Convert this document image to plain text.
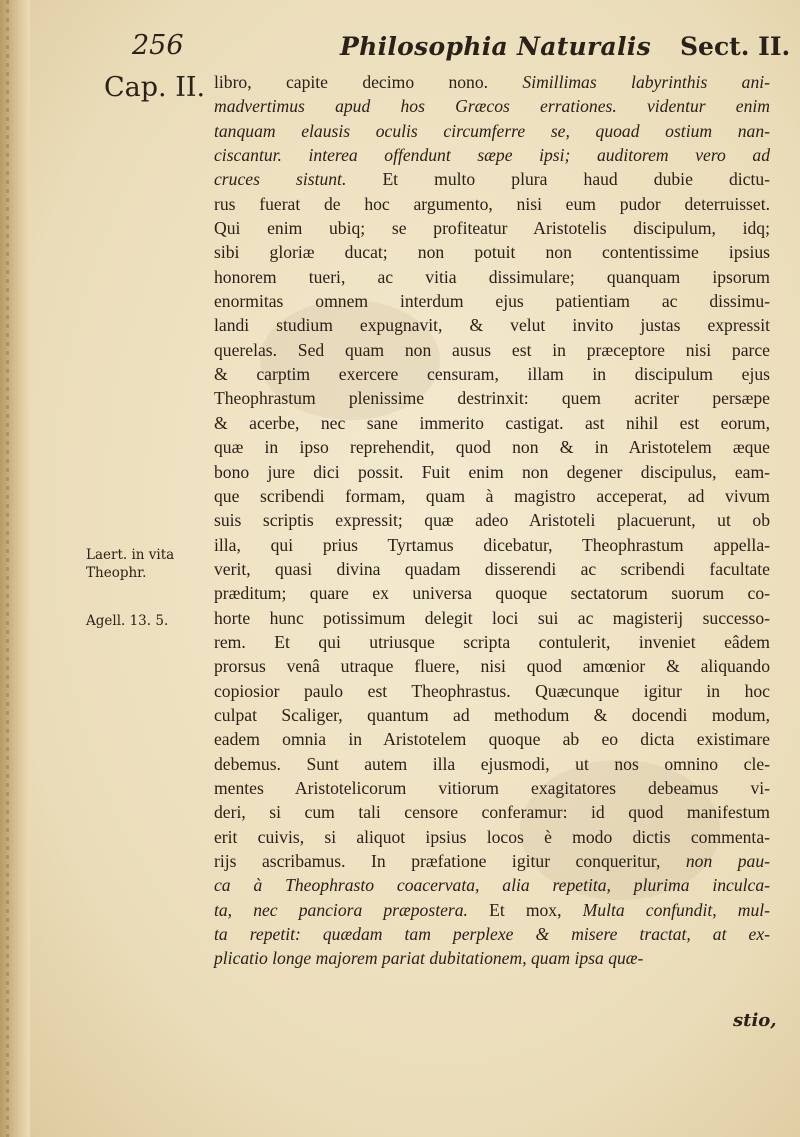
256	Philosophia Naturalis Sect. II.
Cap. II.
Laert. in vita Theophr.
Agell. 13. 5.
libro, capite decimo nono. Simillimas labyrinthis ani-
madvertimus apud hos Græcos errationes. videntur enim
tanquam elausis oculis circumferre se, quoad ostium nan-
ciscantur. interea offendunt sæpe ipsi; auditorem vero ad
cruces sistunt. Et multo plura haud dubie dictu-
rus fuerat de hoc argumento, nisi eum pudor deterruisset.
Qui enim ubiq; se profiteatur Aristotelis discipulum, idq;
sibi gloriæ ducat; non potuit non contentissime ipsius
honorem tueri, ac vitia dissimulare; quanquam ipsorum
enormitas omnem interdum ejus patientiam ac dissimu-
landi studium expugnavit, & velut invito justas expressit
querelas. Sed quam non ausus est in præceptore nisi parce
& carptim exercere censuram, illam in discipulum ejus
Theophrastum plenissime destrinxit: quem acriter persæpe
& acerbe, nec sane immerito castigat. ast nihil est eorum,
quæ in ipso reprehendit, quod non & in Aristotelem æque
bono jure dici possit. Fuit enim non degener discipulus, eam-
que scribendi formam, quam à magistro acceperat, ad vivum
suis scriptis expressit; quæ adeo Aristoteli placuerunt, ut ob
illa, qui prius Tyrtamus dicebatur, Theophrastum appella-
verit, quasi divina quadam disserendi ac scribendi facultate
præditum; quare ex universa quoque sectatorum suorum co-
horte hunc potissimum delegit loci sui ac magisterij successo-
rem. Et qui utriusque scripta contulerit, inveniet eâdem
prorsus venâ utraque fluere, nisi quod amœnior & aliquando
copiosior paulo est Theophrastus. Quæcunque igitur in hoc
culpat Scaliger, quantum ad methodum & docendi modum,
eadem omnia in Aristotelem quoque ab eo dicta existimare
debemus. Sunt autem illa ejusmodi, ut nos omnino cle-
mentes Aristotelicorum vitiorum exagitatores debeamus vi-
deri, si cum tali censore conferamur: id quod manifestum
erit cuivis, si aliquot ipsius locos è modo dictis commenta-
rijs ascribamus. In præfatione igitur conqueritur, non pau-
ca à Theophrasto coacervata, alia repetita, plurima inculca-
ta, nec panciora præpostera. Et mox, Multa confundit, mul-
ta repetit: quædam tam perplexe & misere tractat, at ex-
plicatio longe majorem pariat dubitationem, quam ipsa quæ-
stio,
